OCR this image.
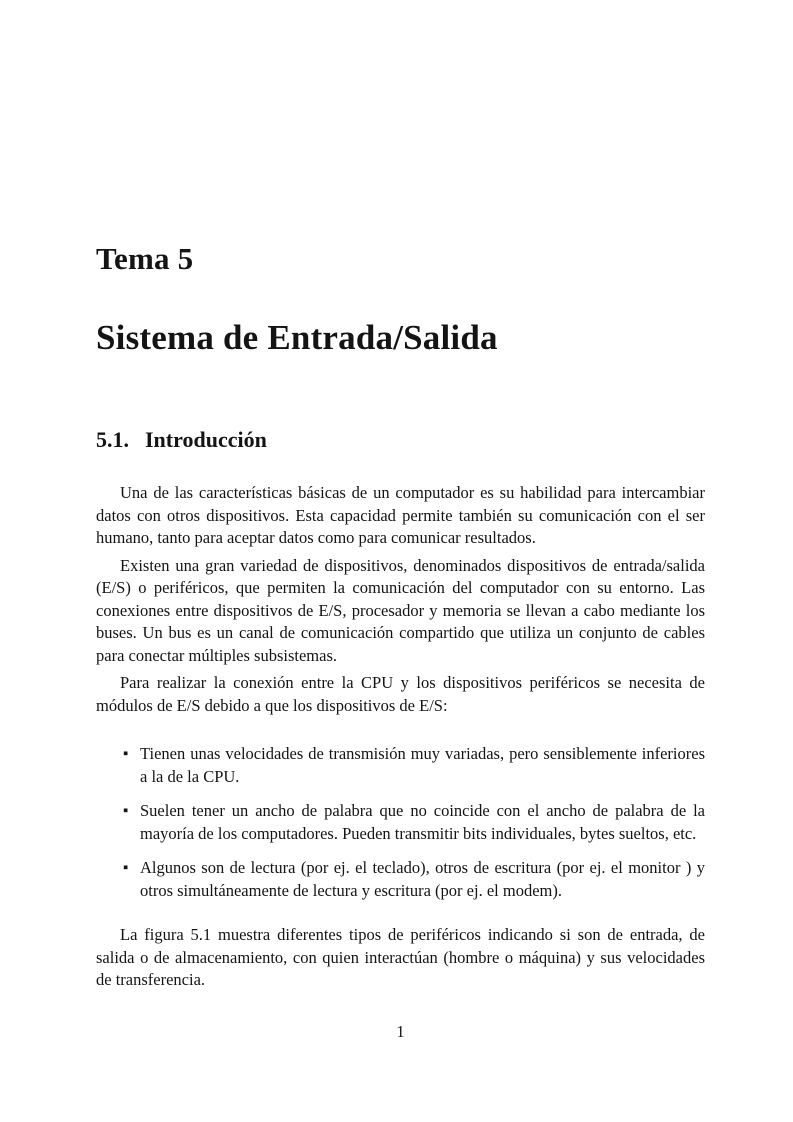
Tema 5
Sistema de Entrada/Salida
5.1. Introducción

Una de las características básicas de un computador es su habilidad para intercambiar datos con otros dispositivos. Esta capacidad permite también su comunicación con el ser humano, tanto para aceptar datos como para comunicar resultados.

Existen una gran variedad de dispositivos, denominados dispositivos de entrada/salida (E/S) o periféricos, que permiten la comunicación del computador con su entorno. Las conexiones entre dispositivos de E/S, procesador y memoria se llevan a cabo mediante los buses. Un bus es un canal de comunicación compartido que utiliza un conjunto de cables para conectar múltiples subsistemas.

Para realizar la conexión entre la CPU y los dispositivos periféricos se necesita de módulos de E/S debido a que los dispositivos de E/S:

▪ Tienen unas velocidades de transmisión muy variadas, pero sensiblemente inferiores a la de la CPU.
▪ Suelen tener un ancho de palabra que no coincide con el ancho de palabra de la mayoría de los computadores. Pueden transmitir bits individuales, bytes sueltos, etc.
▪ Algunos son de lectura (por ej. el teclado), otros de escritura (por ej. el monitor ) y otros simultáneamente de lectura y escritura (por ej. el modem).

La figura 5.1 muestra diferentes tipos de periféricos indicando si son de entrada, de salida o de almacenamiento, con quien interactúan (hombre o máquina) y sus velocidades de transferencia.

1
